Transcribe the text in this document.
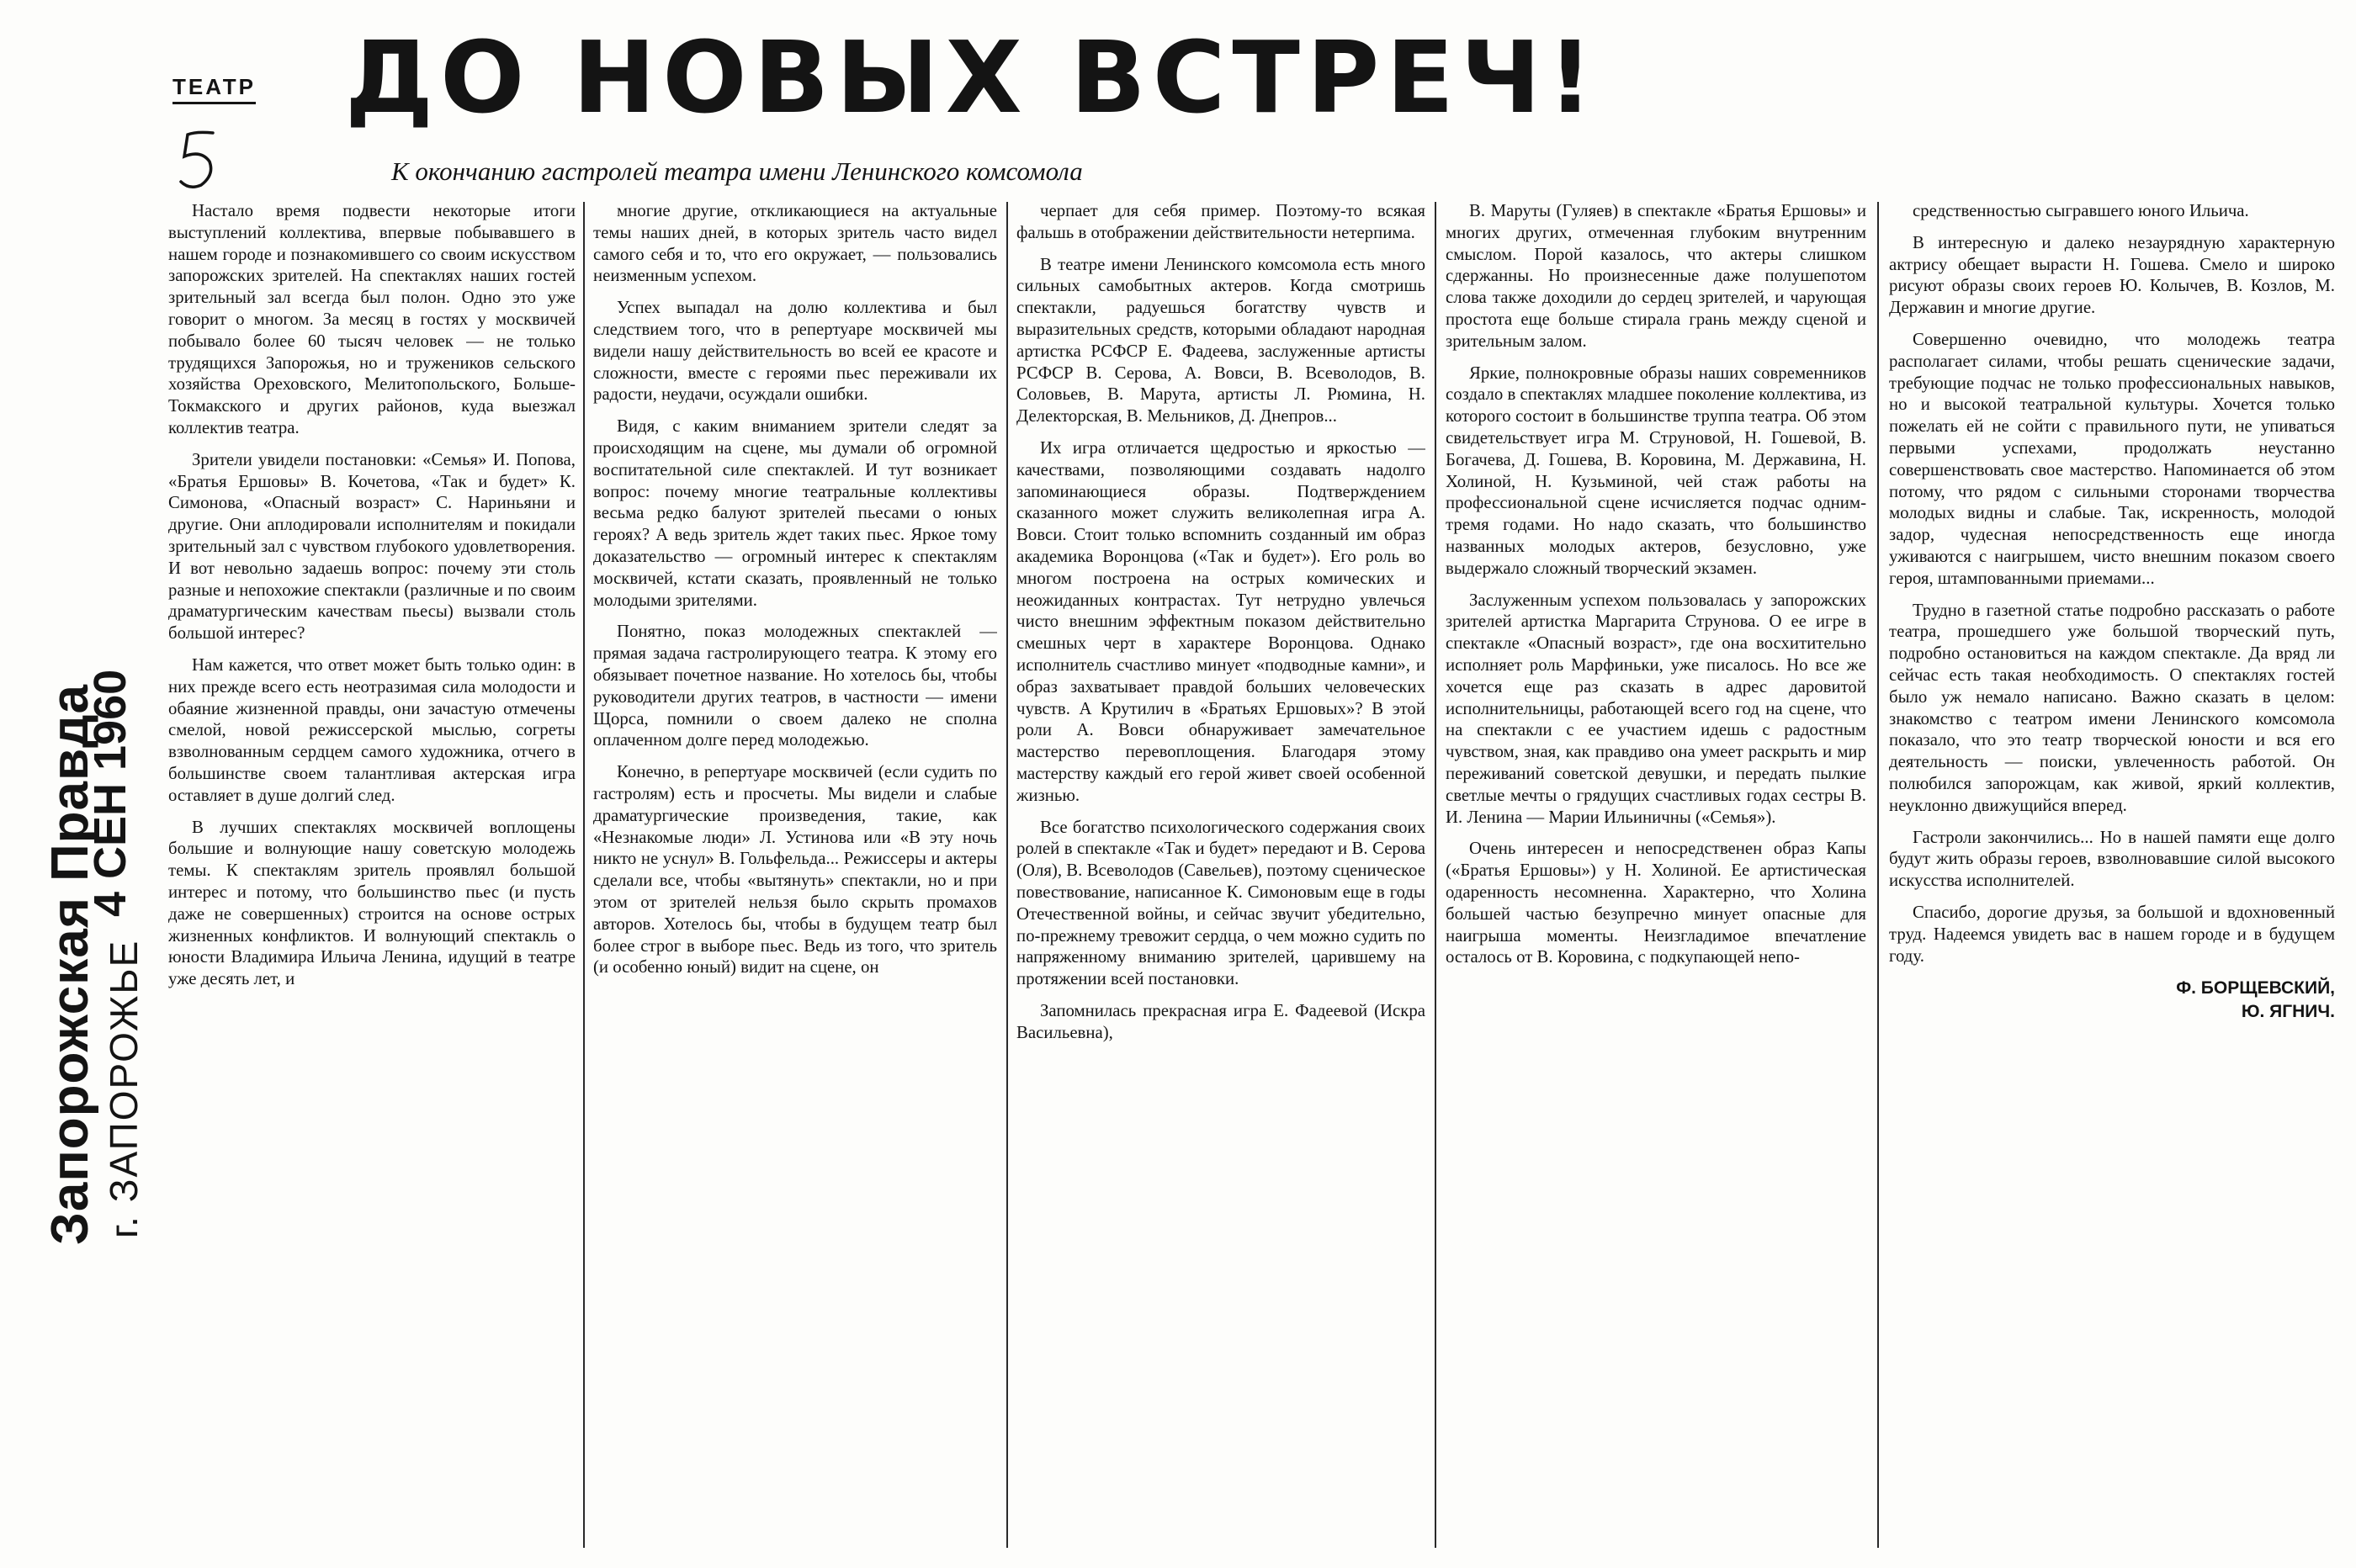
Запорожская Правда г. ЗАПОРОЖЬЕ
4 СЕН 1960
ТЕАТР ДО НОВЫХ ВСТРЕЧ!
К окончанию гастролей театра имени Ленинского комсомола

Настало время подвести некоторые итоги выступлений коллектива, впервые побывавшего в нашем городе и познакомившего со своим искусством запорожских зрителей. На спектаклях наших гостей зрительный зал всегда был полон. Одно это уже говорит о многом. За месяц в гостях у москвичей побывало более 60 тысяч человек — не только трудящихся Запорожья, но и тружеников сельского хозяйства Ореховского, Мелитопольского, Больше-Токмакского и других районов, куда выезжал коллектив театра.

Зрители увидели постановки: «Семья» И. Попова, «Братья Ершовы» В. Кочетова, «Так и будет» К. Симонова, «Опасный возраст» С. Нариньяни и другие. Они аплодировали исполнителям и покидали зрительный зал с чувством глубокого удовлетворения. И вот невольно задаешь вопрос: почему эти столь разные и непохожие спектакли (различные и по своим драматургическим качествам пьесы) вызвали столь большой интерес?

Нам кажется, что ответ может быть только один: в них прежде всего есть неотразимая сила молодости и обаяние жизненной правды, они зачастую отмечены смелой, новой режиссерской мыслью, согреты взволнованным сердцем самого художника, отчего в большинстве своем талантливая актерская игра оставляет в душе долгий след.

В лучших спектаклях москвичей воплощены большие и волнующие нашу советскую молодежь темы. К спектаклям зритель проявлял большой интерес и потому, что большинство пьес (и пусть даже не совершенных) строится на основе острых жизненных конфликтов. И волнующий спектакль о юности Владимира Ильича Ленина, идущий в театре уже десять лет, и

многие другие, откликающиеся на актуальные темы наших дней, в которых зритель часто видел самого себя и то, что его окружает, — пользовались неизменным успехом.

Успех выпадал на долю коллектива и был следствием того, что в репертуаре москвичей мы видели нашу действительность во всей ее красоте и сложности, вместе с героями пьес переживали их радости, неудачи, осуждали ошибки.

Видя, с каким вниманием зрители следят за происходящим на сцене, мы думали об огромной воспитательной силе спектаклей. И тут возникает вопрос: почему многие театральные коллективы весьма редко балуют зрителей пьесами о юных героях? А ведь зритель ждет таких пьес. Яркое тому доказательство — огромный интерес к спектаклям москвичей, кстати сказать, проявленный не только молодыми зрителями.

Понятно, показ молодежных спектаклей — прямая задача гастролирующего театра. К этому его обязывает почетное название. Но хотелось бы, чтобы руководители других театров, в частности — имени Щорса, помнили о своем далеко не сполна оплаченном долге перед молодежью.

Конечно, в репертуаре москвичей (если судить по гастролям) есть и просчеты. Мы видели и слабые драматургические произведения, такие, как «Незнакомые люди» Л. Устинова или «В эту ночь никто не уснул» В. Гольфельда... Режиссеры и актеры сделали все, чтобы «вытянуть» спектакли, но и при этом от зрителей нельзя было скрыть промахов авторов. Хотелось бы, чтобы в будущем театр был более строг в выборе пьес. Ведь из того, что зритель (и особенно юный) видит на сцене, он

черпает для себя пример. Поэтому-то всякая фальшь в отображении действительности нетерпима.

В театре имени Ленинского комсомола есть много сильных самобытных актеров. Когда смотришь спектакли, радуешься богатству чувств и выразительных средств, которыми обладают народная артистка РСФСР Е. Фадеева, заслуженные артисты РСФСР В. Серова, А. Вовси, В. Всеволодов, В. Соловьев, В. Марута, артисты Л. Рюмина, Н. Делекторская, В. Мельников, Д. Днепров...

Их игра отличается щедростью и яркостью — качествами, позволяющими создавать надолго запоминающиеся образы. Подтверждением сказанного может служить великолепная игра А. Вовси. Стоит только вспомнить созданный им образ академика Воронцова («Так и будет»). Его роль во многом построена на острых комических и неожиданных контрастах. Тут нетрудно увлечься чисто внешним эффектным показом действительно смешных черт в характере Воронцова. Однако исполнитель счастливо минует «подводные камни», и образ захватывает правдой больших человеческих чувств. А Крутилич в «Братьях Ершовых»? В этой роли А. Вовси обнаруживает замечательное мастерство перевоплощения. Благодаря этому мастерству каждый его герой живет своей особенной жизнью.

Все богатство психологического содержания своих ролей в спектакле «Так и будет» передают и В. Серова (Оля), В. Всеволодов (Савельев), поэтому сценическое повествование, написанное К. Симоновым еще в годы Отечественной войны, и сейчас звучит убедительно, по-прежнему тревожит сердца, о чем можно судить по напряженному вниманию зрителей, царившему на протяжении всей постановки.

Запомнилась прекрасная игра Е. Фадеевой (Искра Васильевна),

В. Маруты (Гуляев) в спектакле «Братья Ершовы» и многих других, отмеченная глубоким внутренним смыслом. Порой казалось, что актеры слишком сдержанны. Но произнесенные даже полушепотом слова также доходили до сердец зрителей, и чарующая простота еще больше стирала грань между сценой и зрительным залом.

Яркие, полнокровные образы наших современников создало в спектаклях младшее поколение коллектива, из которого состоит в большинстве труппа театра. Об этом свидетельствует игра М. Струновой, Н. Гошевой, В. Богачева, Д. Гошева, В. Коровина, М. Державина, Н. Холиной, Н. Кузьминой, чей стаж работы на профессиональной сцене исчисляется подчас одним-тремя годами. Но надо сказать, что большинство названных молодых актеров, безусловно, уже выдержало сложный творческий экзамен.

Заслуженным успехом пользовалась у запорожских зрителей артистка Маргарита Струнова. О ее игре в спектакле «Опасный возраст», где она восхитительно исполняет роль Марфиньки, уже писалось. Но все же хочется еще раз сказать в адрес даровитой исполнительницы, работающей всего год на сцене, что на спектакли с ее участием идешь с радостным чувством, зная, как правдиво она умеет раскрыть и мир переживаний советской девушки, и передать пылкие светлые мечты о грядущих счастливых годах сестры В. И. Ленина — Марии Ильиничны («Семья»).

Очень интересен и непосредственен образ Капы («Братья Ершовы») у Н. Холиной. Ее артистическая одаренность несомненна. Характерно, что Холина большей частью безупречно минует опасные для наигрыша моменты. Неизгладимое впечатление осталось от В. Коровина, с подкупающей непо-

средственностью сыгравшего юного Ильича.

В интересную и далеко незаурядную характерную актрису обещает вырасти Н. Гошева. Смело и широко рисуют образы своих героев Ю. Колычев, В. Козлов, М. Державин и многие другие.

Совершенно очевидно, что молодежь театра располагает силами, чтобы решать сценические задачи, требующие подчас не только профессиональных навыков, но и высокой театральной культуры. Хочется только пожелать ей не сойти с правильного пути, не упиваться первыми успехами, продолжать неустанно совершенствовать свое мастерство. Напоминается об этом потому, что рядом с сильными сторонами творчества молодых видны и слабые. Так, искренность, молодой задор, чудесная непосредственность еще иногда уживаются с наигрышем, чисто внешним показом своего героя, штампованными приемами...

Трудно в газетной статье подробно рассказать о работе театра, прошедшего уже большой творческий путь, подробно остановиться на каждом спектакле. Да вряд ли сейчас есть такая необходимость. О спектаклях гостей было уж немало написано. Важно сказать в целом: знакомство с театром имени Ленинского комсомола показало, что это театр творческой юности и вся его деятельность — поиски, увлеченность работой. Он полюбился запорожцам, как живой, яркий коллектив, неуклонно движущийся вперед.

Гастроли закончились... Но в нашей памяти еще долго будут жить образы героев, взволновавшие силой высокого искусства исполнителей.

Спасибо, дорогие друзья, за большой и вдохновенный труд. Надеемся увидеть вас в нашем городе и в будущем году.

Ф. БОРЩЕВСКИЙ,
Ю. ЯГНИЧ.
